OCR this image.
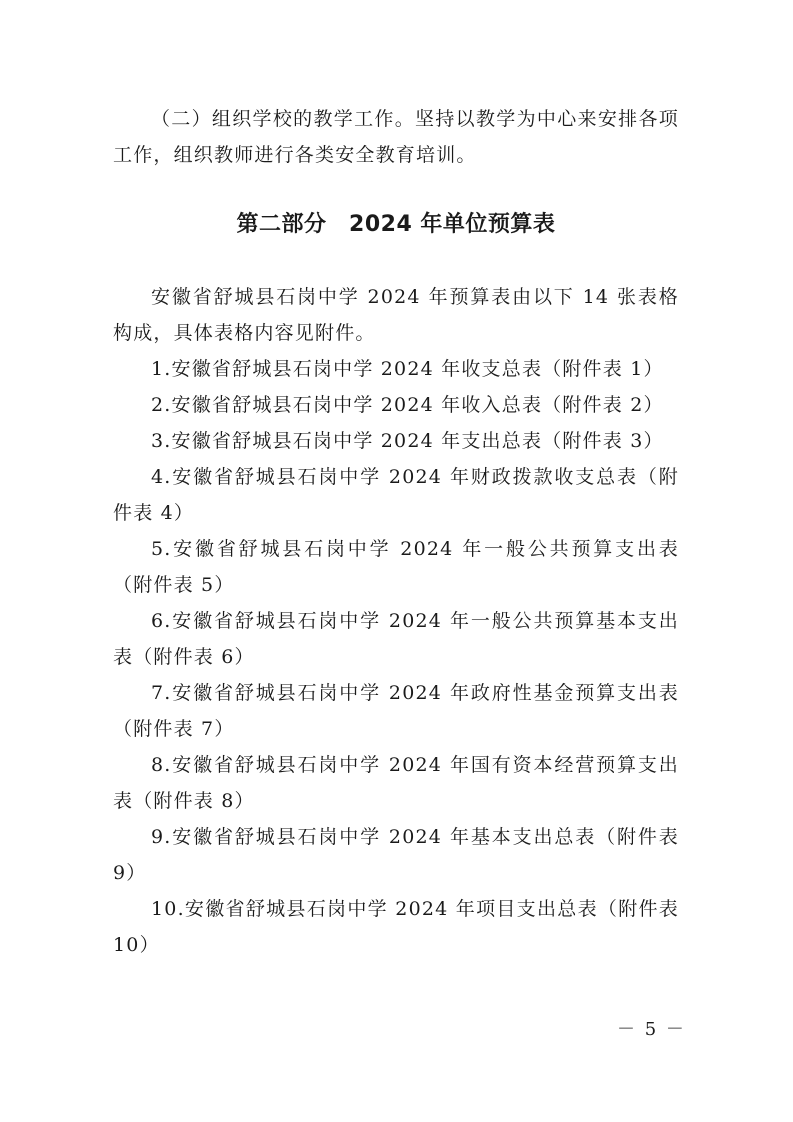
（二）组织学校的教学工作。坚持以教学为中心来安排各项工作，组织教师进行各类安全教育培训。

第二部分　2024 年单位预算表

安徽省舒城县石岗中学 2024 年预算表由以下 14 张表格构成，具体表格内容见附件。

1.安徽省舒城县石岗中学 2024 年收支总表（附件表 1）

2.安徽省舒城县石岗中学 2024 年收入总表（附件表 2）

3.安徽省舒城县石岗中学 2024 年支出总表（附件表 3）

4.安徽省舒城县石岗中学 2024 年财政拨款收支总表（附件表 4）

5.安徽省舒城县石岗中学 2024 年一般公共预算支出表（附件表 5）

6.安徽省舒城县石岗中学 2024 年一般公共预算基本支出表（附件表 6）

7.安徽省舒城县石岗中学 2024 年政府性基金预算支出表（附件表 7）

8.安徽省舒城县石岗中学 2024 年国有资本经营预算支出表（附件表 8）

9.安徽省舒城县石岗中学 2024 年基本支出总表（附件表 9）

10.安徽省舒城县石岗中学 2024 年项目支出总表（附件表 10）

－ 5 －
